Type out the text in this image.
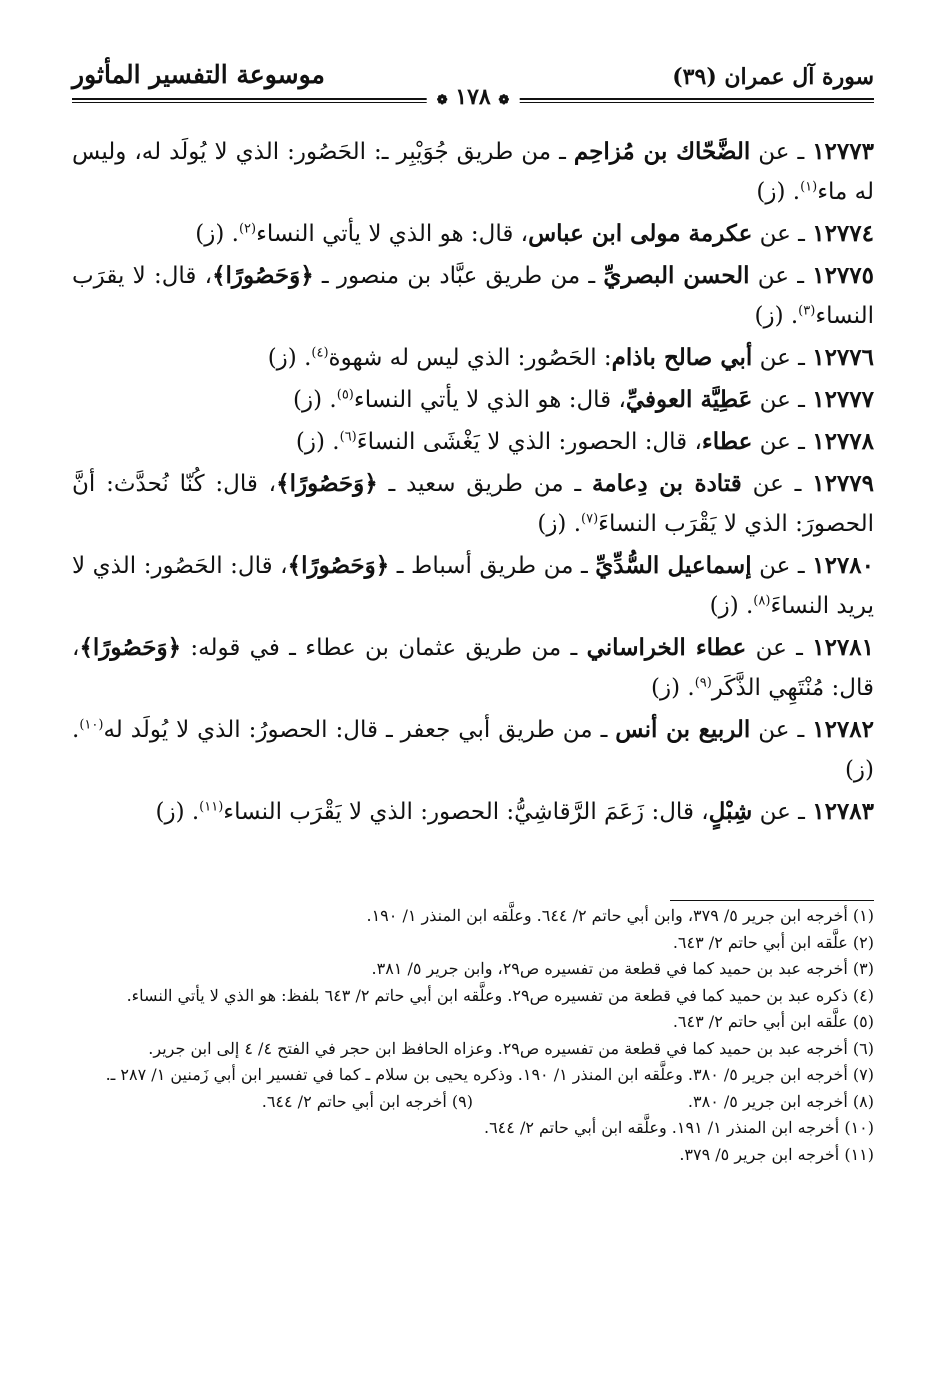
سورة آل عمران (٣٩)
موسوعة التفسير المأثور
❁ ١٧٨ ❁

١٢٧٧٣ ـ عن الضَّحّاك بن مُزاحِم ـ من طريق جُوَيْبِر ـ: الحَصُور: الذي لا يُولَد له، وليس له ماء$^{(١)}$. (ز)

١٢٧٧٤ ـ عن عكرمة مولى ابن عباس، قال: هو الذي لا يأتي النساء$^{(٢)}$. (ز)

١٢٧٧٥ ـ عن الحسن البصريِّ ـ من طريق عبَّاد بن منصور ـ ﴿وَحَصُورًا﴾، قال: لا يقرَب النساء$^{(٣)}$. (ز)

١٢٧٧٦ ـ عن أبي صالح باذام: الحَصُور: الذي ليس له شهوة$^{(٤)}$. (ز)

١٢٧٧٧ ـ عن عَطِيَّة العوفيِّ، قال: هو الذي لا يأتي النساء$^{(٥)}$. (ز)

١٢٧٧٨ ـ عن عطاء، قال: الحصور: الذي لا يَغْشَى النساءَ$^{(٦)}$. (ز)

١٢٧٧٩ ـ عن قتادة بن دِعامة ـ من طريق سعيد ـ ﴿وَحَصُورًا﴾، قال: كُنّا نُحدَّث: أنَّ الحصورَ: الذي لا يَقْرَب النساءَ$^{(٧)}$. (ز)

١٢٧٨٠ ـ عن إسماعيل السُّدِّيِّ ـ من طريق أسباط ـ ﴿وَحَصُورًا﴾، قال: الحَصُور: الذي لا يريد النساءَ$^{(٨)}$. (ز)

١٢٧٨١ ـ عن عطاء الخراساني ـ من طريق عثمان بن عطاء ـ في قوله: ﴿وَحَصُورًا﴾، قال: مُنْتَهِي الذَّكَر$^{(٩)}$. (ز)

١٢٧٨٢ ـ عن الربيع بن أنس ـ من طريق أبي جعفر ـ قال: الحصورُ: الذي لا يُولَد له$^{(١٠)}$. (ز)

١٢٧٨٣ ـ عن شِبْلٍ، قال: زَعَمَ الرَّقاشِيُّ: الحصور: الذي لا يَقْرَب النساء$^{(١١)}$. (ز)

(١) أخرجه ابن جرير ٥/ ٣٧٩، وابن أبي حاتم ٢/ ٦٤٤. وعلَّقه ابن المنذر ١/ ١٩٠.
(٢) علَّقه ابن أبي حاتم ٢/ ٦٤٣.
(٣) أخرجه عبد بن حميد كما في قطعة من تفسيره ص٢٩، وابن جرير ٥/ ٣٨١.
(٤) ذكره عبد بن حميد كما في قطعة من تفسيره ص٢٩. وعلَّقه ابن أبي حاتم ٢/ ٦٤٣ بلفظ: هو الذي لا يأتي النساء.
(٥) علَّقه ابن أبي حاتم ٢/ ٦٤٣.
(٦) أخرجه عبد بن حميد كما في قطعة من تفسيره ص٢٩. وعزاه الحافظ ابن حجر في الفتح ٤/ ٤ إلى ابن جرير.
(٧) أخرجه ابن جرير ٥/ ٣٨٠. وعلَّقه ابن المنذر ١/ ١٩٠. وذكره يحيى بن سلام ـ كما في تفسير ابن أبي زَمنين ١/ ٢٨٧ ـ.
(٨) أخرجه ابن جرير ٥/ ٣٨٠.
(٩) أخرجه ابن أبي حاتم ٢/ ٦٤٤.
(١٠) أخرجه ابن المنذر ١/ ١٩١. وعلَّقه ابن أبي حاتم ٢/ ٦٤٤.
(١١) أخرجه ابن جرير ٥/ ٣٧٩.
